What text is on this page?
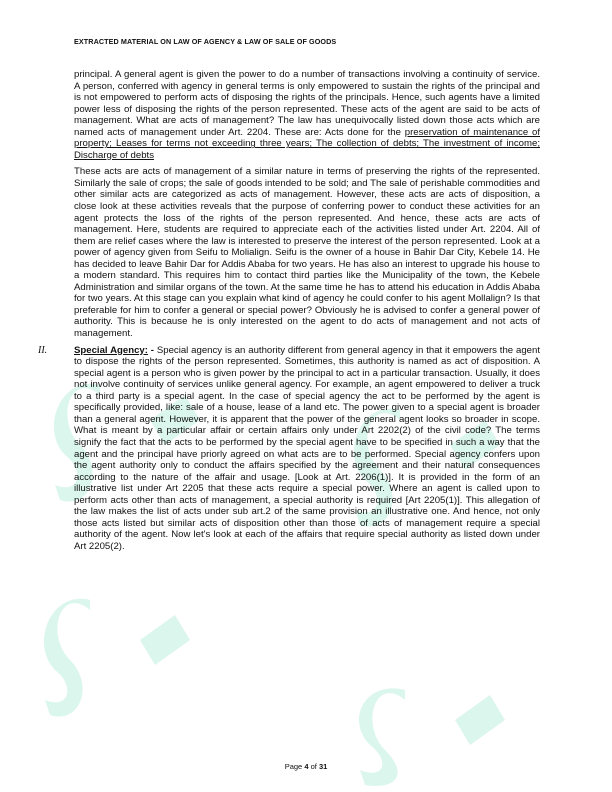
EXTRACTED MATERIAL ON LAW OF AGENCY & LAW OF SALE OF GOODS

principal. A general agent is given the power to do a number of transactions involving a continuity of service. A person, conferred with agency in general terms is only empowered to sustain the rights of the principal and is not empowered to perform acts of disposing the rights of the principals. Hence, such agents have a limited power less of disposing the rights of the person represented. These acts of the agent are said to be acts of management. What are acts of management? The law has unequivocally listed down those acts which are named acts of management under Art. 2204. These are: Acts done for the preservation of maintenance of property; Leases for terms not exceeding three years; The collection of debts; The investment of income; Discharge of debts

These acts are acts of management of a similar nature in terms of preserving the rights of the represented. Similarly the sale of crops; the sale of goods intended to be sold; and The sale of perishable commodities and other similar acts are categorized as acts of management. However, these acts are acts of disposition, a close look at these activities reveals that the purpose of conferring power to conduct these activities for an agent protects the loss of the rights of the person represented. And hence, these acts are acts of management. Here, students are required to appreciate each of the activities listed under Art. 2204. All of them are relief cases where the law is interested to preserve the interest of the person represented. Look at a power of agency given from Seifu to Molialign. Seifu is the owner of a house in Bahir Dar City, Kebele 14. He has decided to leave Bahir Dar for Addis Ababa for two years. He has also an interest to upgrade his house to a modern standard. This requires him to contact third parties like the Municipality of the town, the Kebele Administration and similar organs of the town. At the same time he has to attend his education in Addis Ababa for two years. At this stage can you explain what kind of agency he could confer to his agent Mollalign? Is that preferable for him to confer a general or special power? Obviously he is advised to confer a general power of authority. This is because he is only interested on the agent to do acts of management and not acts of management.

II.	Special Agency: - Special agency is an authority different from general agency in that it empowers the agent to dispose the rights of the person represented. Sometimes, this authority is named as act of disposition. A special agent is a person who is given power by the principal to act in a particular transaction. Usually, it does not involve continuity of services unlike general agency. For example, an agent empowered to deliver a truck to a third party is a special agent. In the case of special agency the act to be performed by the agent is specifically provided, like: sale of a house, lease of a land etc. The power given to a special agent is broader than a general agent. However, it is apparent that the power of the general agent looks so broader in scope. What is meant by a particular affair or certain affairs only under Art 2202(2) of the civil code? The terms signify the fact that the acts to be performed by the special agent have to be specified in such a way that the agent and the principal have priorly agreed on what acts are to be performed. Special agency confers upon the agent authority only to conduct the affairs specified by the agreement and their natural consequences according to the nature of the affair and usage. [Look at Art. 2206(1)]. It is provided in the form of an illustrative list under Art 2205 that these acts require a special power. Where an agent is called upon to perform acts other than acts of management, a special authority is required [Art 2205(1)]. This allegation of the law makes the list of acts under sub art.2 of the same provision an illustrative one. And hence, not only those acts listed but similar acts of disposition other than those of acts of management require a special authority of the agent. Now let's look at each of the affairs that require special authority as listed down under Art 2205(2).

Page 4 of 31
